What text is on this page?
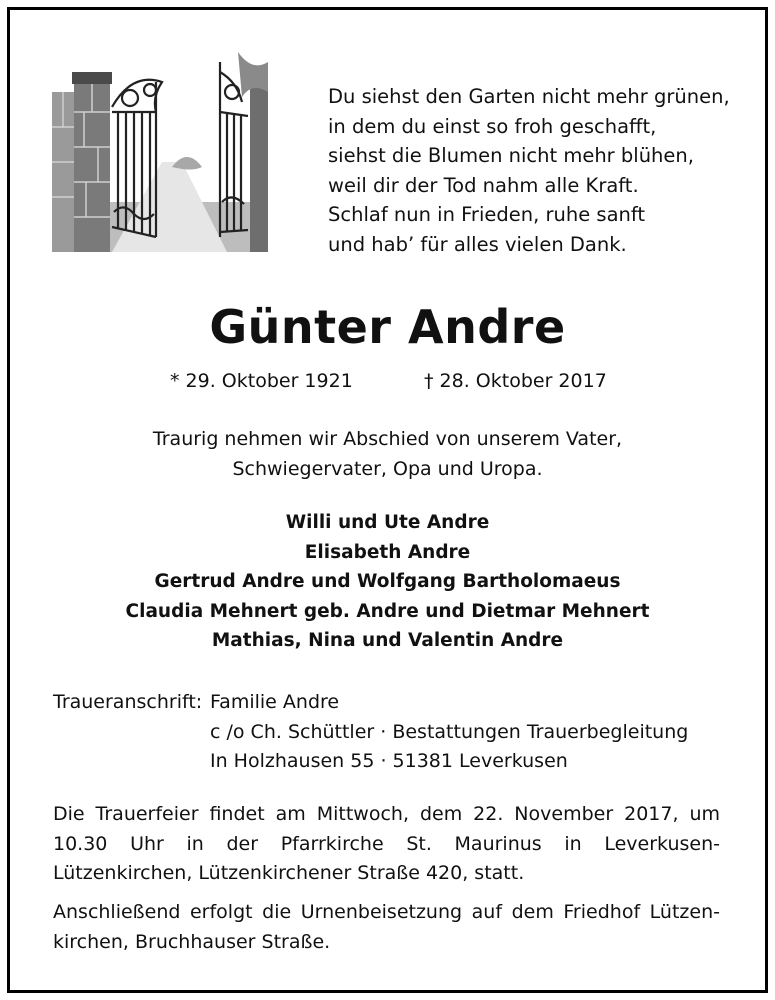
Du siehst den Garten nicht mehr grünen,
in dem du einst so froh geschafft,
siehst die Blumen nicht mehr blühen,
weil dir der Tod nahm alle Kraft.
Schlaf nun in Frieden, ruhe sanft
und hab’ für alles vielen Dank.
Günter Andre
* 29. Oktober 1921	† 28. Oktober 2017
Traurig nehmen wir Abschied von unserem Vater,
Schwiegervater, Opa und Uropa.
Willi und Ute Andre
Elisabeth Andre
Gertrud Andre und Wolfgang Bartholomaeus
Claudia Mehnert geb. Andre und Dietmar Mehnert
Mathias, Nina und Valentin Andre
Traueranschrift: Familie Andre
c /o Ch. Schüttler · Bestattungen Trauerbegleitung
In Holzhausen 55 · 51381 Leverkusen
Die Trauerfeier findet am Mittwoch, dem 22. November 2017, um 10.30 Uhr in der Pfarrkirche St. Maurinus in Leverkusen-Lützenkirchen, Lützenkirchener Straße 420, statt.
Anschließend erfolgt die Urnenbeisetzung auf dem Friedhof Lützen-kirchen, Bruchhauser Straße.
